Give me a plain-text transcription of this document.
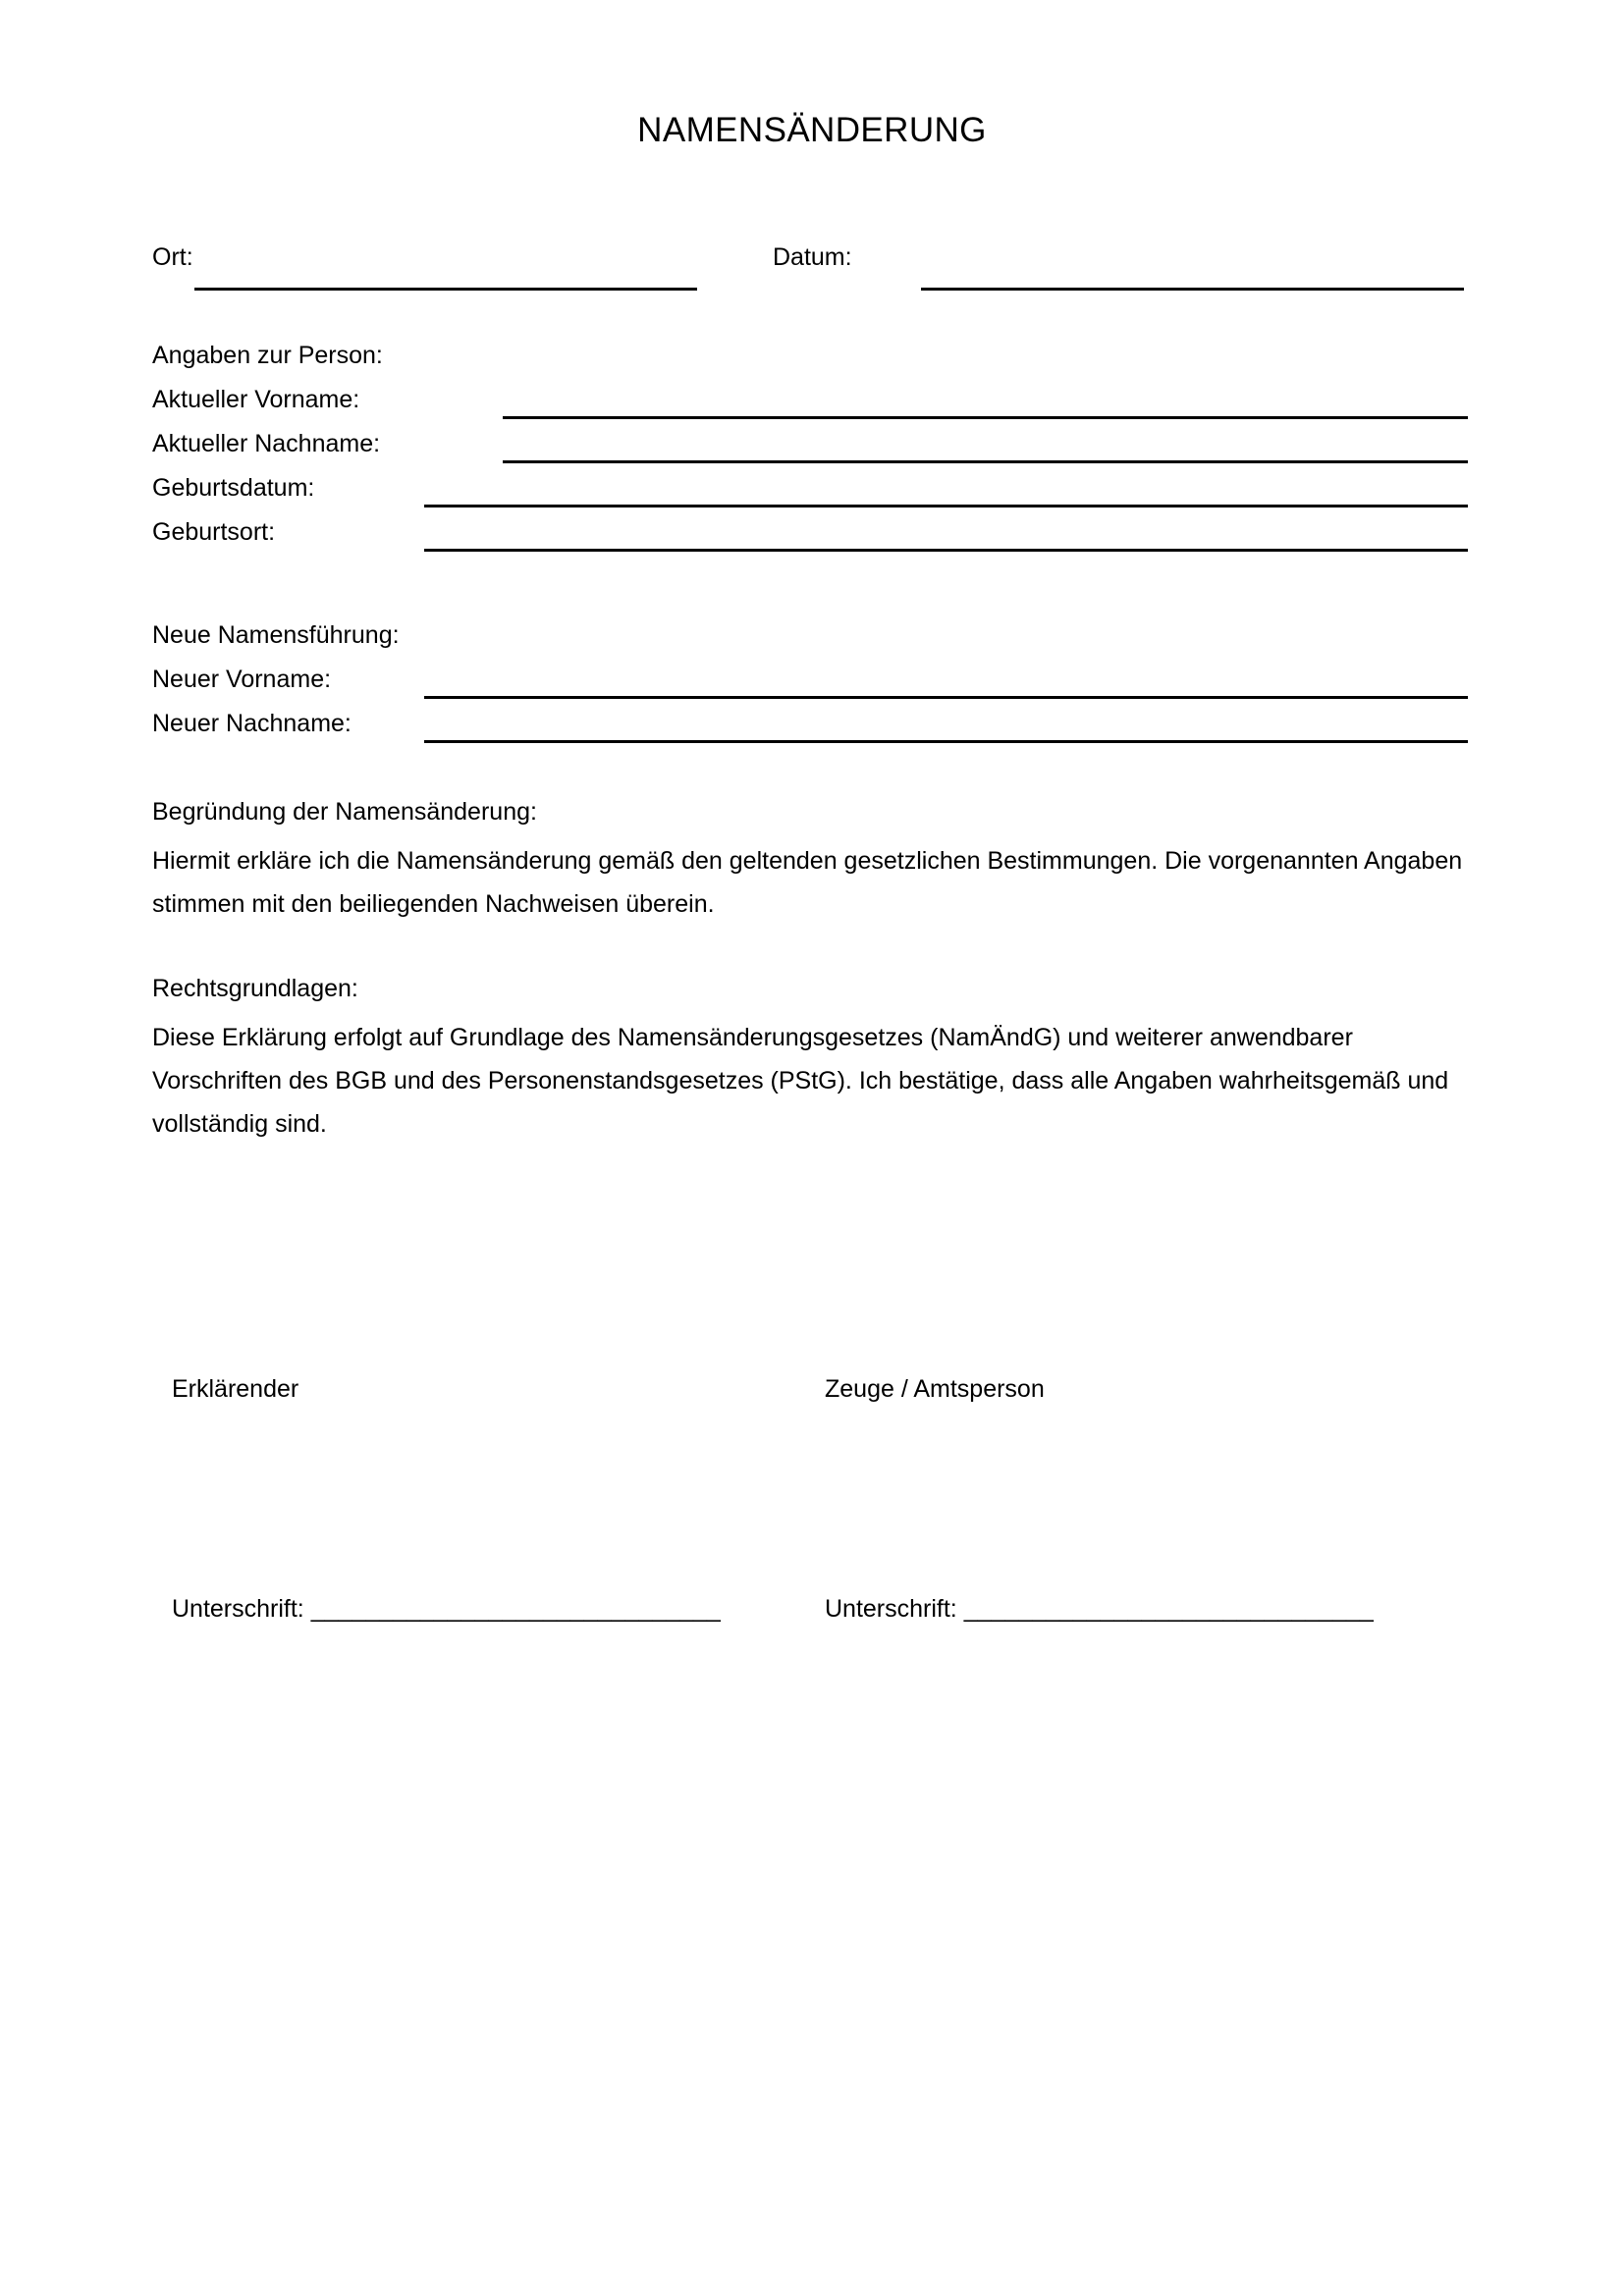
NAMENSÄNDERUNG
Ort:	Datum:
Angaben zur Person:
Aktueller Vorname:
Aktueller Nachname:
Geburtsdatum:
Geburtsort:
Neue Namensführung:
Neuer Vorname:
Neuer Nachname:

Begründung der Namensänderung:

Hiermit erkläre ich die Namensänderung gemäß den geltenden gesetzlichen Bestimmungen. Die vorgenannten Angaben stimmen mit den beiliegenden Nachweisen überein.

Rechtsgrundlagen:

Diese Erklärung erfolgt auf Grundlage des Namensänderungsgesetzes (NamÄndG) und weiterer anwendbarer Vorschriften des BGB und des Personenstandsgesetzes (PStG). Ich bestätige, dass alle Angaben wahrheitsgemäß und vollständig sind.

Erklärender	Zeuge / Amtsperson
Unterschrift: ______________________________	Unterschrift: ______________________________
